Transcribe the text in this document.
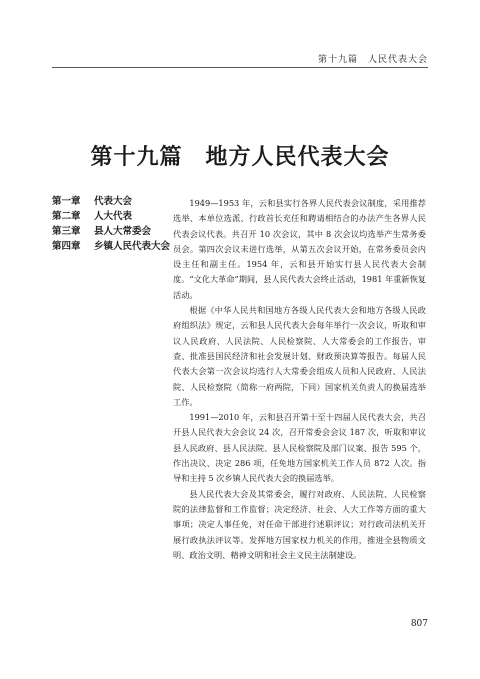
第十九篇　人民代表大会
第十九篇　地方人民代表大会
第一章	代表大会
第二章	人大代表
第三章	县人大常委会
第四章	乡镇人民代表大会

1949—1953 年，云和县实行各界人民代表会议制度，采用推荐选举、本单位选派、行政首长充任和聘请相结合的办法产生各界人民代表会议代表。共召开 10 次会议，其中 8 次会议均选举产生常务委员会。第四次会议未进行选举，从第五次会议开始，在常务委员会内设主任和副主任。1954 年，云和县开始实行县人民代表大会制度。“文化大革命”期间，县人民代表大会终止活动，1981 年重新恢复活动。

根据《中华人民共和国地方各级人民代表大会和地方各级人民政府组织法》规定，云和县人民代表大会每年举行一次会议，听取和审议人民政府、人民法院、人民检察院、人大常委会的工作报告，审查、批准县国民经济和社会发展计划、财政预决算等报告。每届人民代表大会第一次会议均选行人大常委会组成人员和人民政府、人民法院、人民检察院（简称一府两院，下同）国家机关负责人的换届选举工作。

1991—2010 年，云和县召开第十至十四届人民代表大会，共召开县人民代表大会会议 24 次，召开常委会会议 187 次，听取和审议县人民政府、县人民法院、县人民检察院及部门议案、报告 595 个，作出决议、决定 286 项，任免地方国家机关工作人员 872 人次。指导和主持 5 次乡镇人民代表大会的换届选举。

县人民代表大会及其常委会，履行对政府、人民法院、人民检察院的法律监督和工作监督；决定经济、社会、人大工作等方面的重大事项；决定人事任免，对任命干部进行述职评议；对行政司法机关开展行政执法评议等。发挥地方国家权力机关的作用，推进全县物质文明、政治文明、精神文明和社会主义民主法制建设。

807
